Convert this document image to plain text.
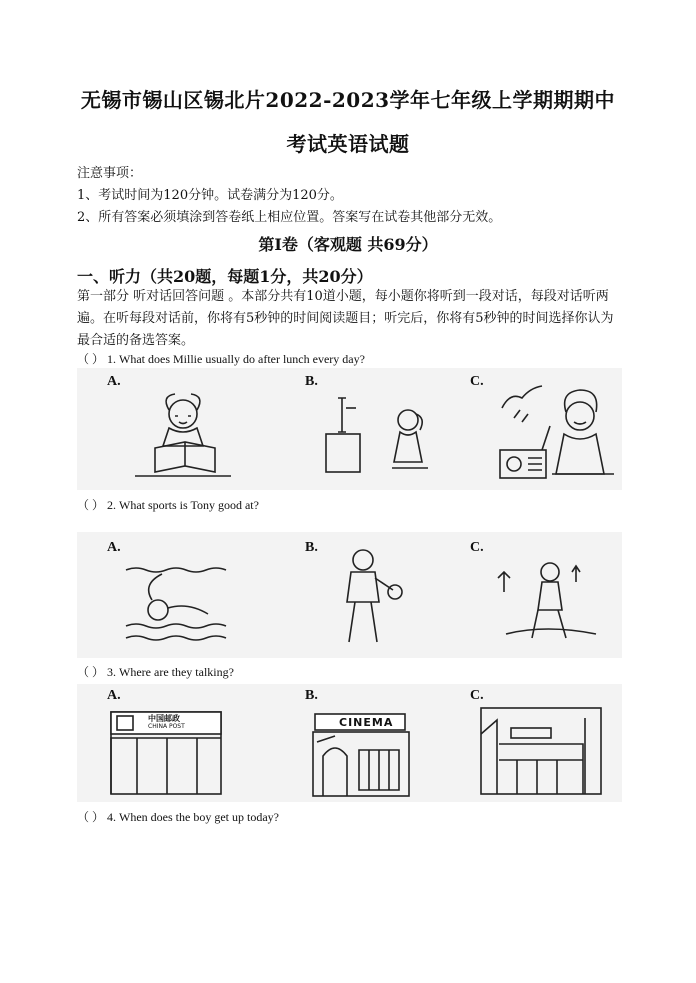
无锡市锡山区锡北片2022-2023学年七年级上学期期期中
考试英语试题
注意事项：
1、考试时间为120分钟。试卷满分为120分。
2、所有答案必须填涂到答卷纸上相应位置。答案写在试卷其他部分无效。
第I卷（客观题 共69分）
一、听力（共20题，每题1分，共20分）
第一部分 听对话回答问题 。本部分共有10道小题，每小题你将听到一段对话，每段对话听两遍。在听每段对话前，你将有5秒钟的时间阅读题目；听完后，你将有5秒钟的时间选择你认为最合适的备选答案。
（ ） 1. What does Millie usually do after lunch every day?
A.	B.	C.
（ ） 2. What sports is Tony good at?
A.	B.	C.
（ ） 3. Where are they talking?
A.	B.	C.
中国邮政
CHINA POST	CINEMA
（ ） 4. When does the boy get up today?
